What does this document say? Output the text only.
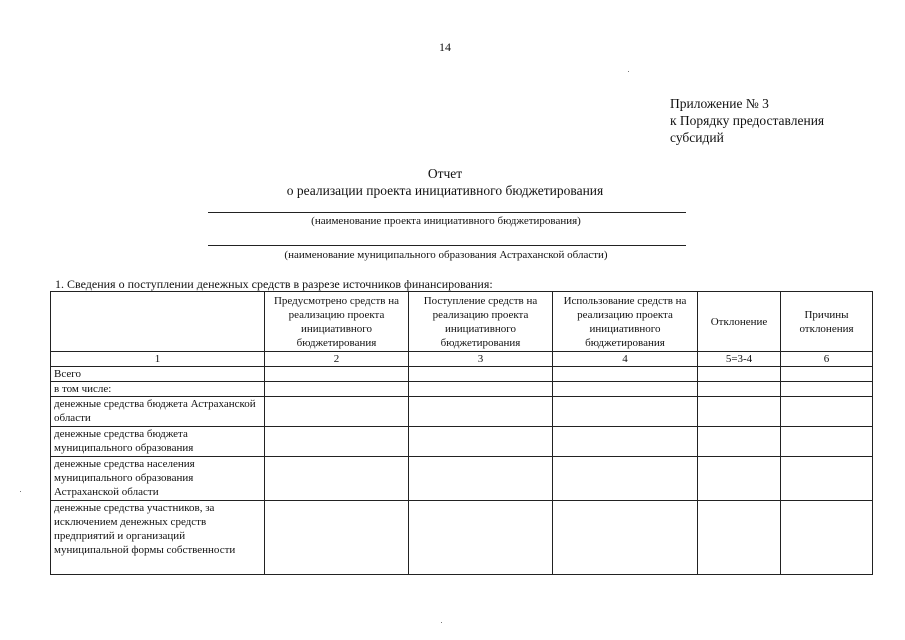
14
Приложение № 3
к Порядку предоставления
субсидий
Отчет
о реализации проекта инициативного бюджетирования
(наименование проекта инициативного бюджетирования)
(наименование муниципального образования Астраханской области)
1. Сведения о поступлении денежных средств в разрезе источников финансирования:
	Предусмотрено средств на реализацию проекта инициативного бюджетирования	Поступление средств на реализацию проекта инициативного бюджетирования	Использование средств на реализацию проекта инициативного бюджетирования	Отклонение	Причины отклонения
1	2	3	4	5=3-4	6
Всего					
в том числе:					
денежные средства бюджета Астраханской области					
денежные средства бюджета муниципального образования					
денежные средства населения муниципального образования Астраханской области					
денежные средства участников, за исключением денежных средств предприятий и организаций муниципальной формы собственности					
